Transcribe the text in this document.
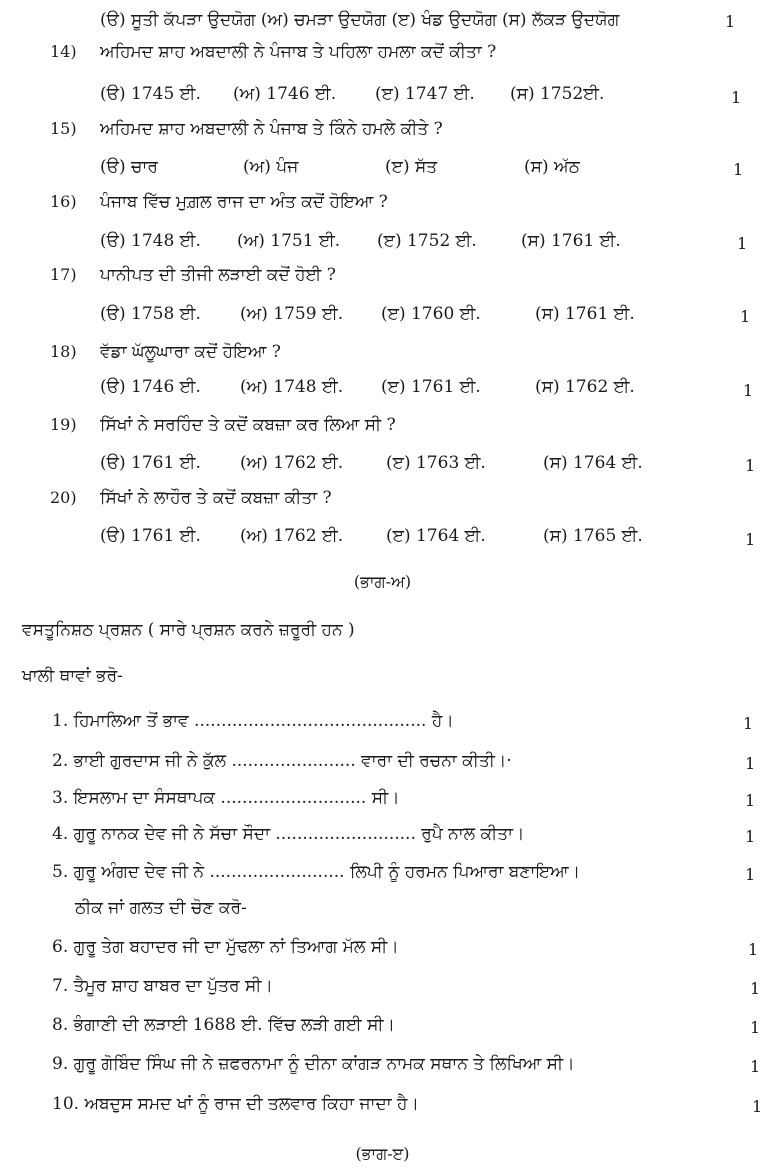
(ੳ) ਸੂਤੀ ਕੱਪੜਾ ਉਦਯੋਗ (ਅ) ਚਮੜਾ ਉਦਯੋਗ (ੲ) ਖੰਡ ਉਦਯੋਗ (ਸ) ਲੱਕੜ ਉਦਯੋਗ	1
14) ਅਹਿਮਦ ਸ਼ਾਹ ਅਬਦਾਲੀ ਨੇ ਪੰਜਾਬ ਤੇ ਪਹਿਲਾ ਹਮਲਾ ਕਦੋਂ ਕੀਤਾ ?
(ੳ) 1745 ਈ. (ਅ) 1746 ਈ. (ੲ) 1747 ਈ. (ਸ) 1752ਈ.	1
15) ਅਹਿਮਦ ਸ਼ਾਹ ਅਬਦਾਲੀ ਨੇ ਪੰਜਾਬ ਤੇ ਕਿੰਨੇ ਹਮਲੇ ਕੀਤੇ ?
(ੳ) ਚਾਰ	(ਅ) ਪੰਜ	(ੲ) ਸੱਤ	(ਸ) ਅੱਠ	1
16) ਪੰਜਾਬ ਵਿੱਚ ਮੁਗ਼ਲ ਰਾਜ ਦਾ ਅੰਤ ਕਦੋਂ ਹੋਇਆ ?
(ੳ) 1748 ਈ. (ਅ) 1751 ਈ. (ੲ) 1752 ਈ.	(ਸ) 1761 ਈ.	1
17) ਪਾਨੀਪਤ ਦੀ ਤੀਜੀ ਲੜਾਈ ਕਦੋਂ ਹੋਈ ?
(ੳ) 1758 ਈ. (ਅ) 1759 ਈ. (ੲ) 1760 ਈ.	(ਸ) 1761 ਈ.	1
18) ਵੱਡਾ ਘੱਲੂਘਾਰਾ ਕਦੋਂ ਹੋਇਆ ?
(ੳ) 1746 ਈ. (ਅ) 1748 ਈ. (ੲ) 1761 ਈ.	(ਸ) 1762 ਈ.	1
19) ਸਿੱਖਾਂ ਨੇ ਸਰਹਿੰਦ ਤੇ ਕਦੋਂ ਕਬਜ਼ਾ ਕਰ ਲਿਆ ਸੀ ?
(ੳ) 1761 ਈ. (ਅ) 1762 ਈ.	(ੲ) 1763 ਈ.	(ਸ) 1764 ਈ.	1
20) ਸਿੱਖਾਂ ਨੇ ਲਾਹੌਰ ਤੇ ਕਦੋਂ ਕਬਜ਼ਾ ਕੀਤਾ ?
(ੳ) 1761 ਈ. (ਅ) 1762 ਈ.	(ੲ) 1764 ਈ.	(ਸ) 1765 ਈ.	1
(ਭਾਗ-ਅ)
ਵਸਤੂਨਿਸ਼ਠ ਪ੍ਰਸ਼ਨ ( ਸਾਰੇ ਪ੍ਰਸ਼ਨ ਕਰਨੇ ਜ਼ਰੂਰੀ ਹਨ )
ਖਾਲੀ ਥਾਵਾਂ ਭਰੋ-
1. ਹਿਮਾਲਿਆ ਤੋਂ ਭਾਵ ........................................... ਹੈ।	1
2. ਭਾਈ ਗੁਰਦਾਸ ਜੀ ਨੇ ਕੁੱਲ ....................... ਵਾਰਾ ਦੀ ਰਚਨਾ ਕੀਤੀ।·	1
3. ਇਸਲਾਮ ਦਾ ਸੰਸਥਾਪਕ ........................... ਸੀ।	1
4. ਗੁਰੂ ਨਾਨਕ ਦੇਵ ਜੀ ਨੇ ਸੱਚਾ ਸੌਦਾ .......................... ਰੁਪੈ ਨਾਲ ਕੀਤਾ।	1
5. ਗੁਰੂ ਅੰਗਦ ਦੇਵ ਜੀ ਨੇ ......................... ਲਿਪੀ ਨੂੰ ਹਰਮਨ ਪਿਆਰਾ ਬਣਾਇਆ।	1
ਠੀਕ ਜਾਂ ਗਲਤ ਦੀ ਚੋਣ ਕਰੋ-
6. ਗੁਰੂ ਤੇਗ ਬਹਾਦਰ ਜੀ ਦਾ ਮੁੱਢਲਾ ਨਾਂ ਤਿਆਗ ਮੱਲ ਸੀ।	1
7. ਤੈਮੂਰ ਸ਼ਾਹ ਬਾਬਰ ਦਾ ਪੁੱਤਰ ਸੀ।	1
8. ਭੰਗਾਣੀ ਦੀ ਲੜਾਈ 1688 ਈ. ਵਿੱਚ ਲੜੀ ਗਈ ਸੀ।	1
9. ਗੁਰੂ ਗੋਬਿੰਦ ਸਿੰਘ ਜੀ ਨੇ ਜ਼ਫਰਨਾਮਾ ਨੂੰ ਦੀਨਾ ਕਾਂਗੜ ਨਾਮਕ ਸਥਾਨ ਤੇ ਲਿਖਿਆ ਸੀ।	1
10. ਅਬਦੁਸ ਸਮਦ ਖਾਂ ਨੂੰ ਰਾਜ ਦੀ ਤਲਵਾਰ ਕਿਹਾ ਜਾਦਾ ਹੈ।	1
(ਭਾਗ-ੲ)
